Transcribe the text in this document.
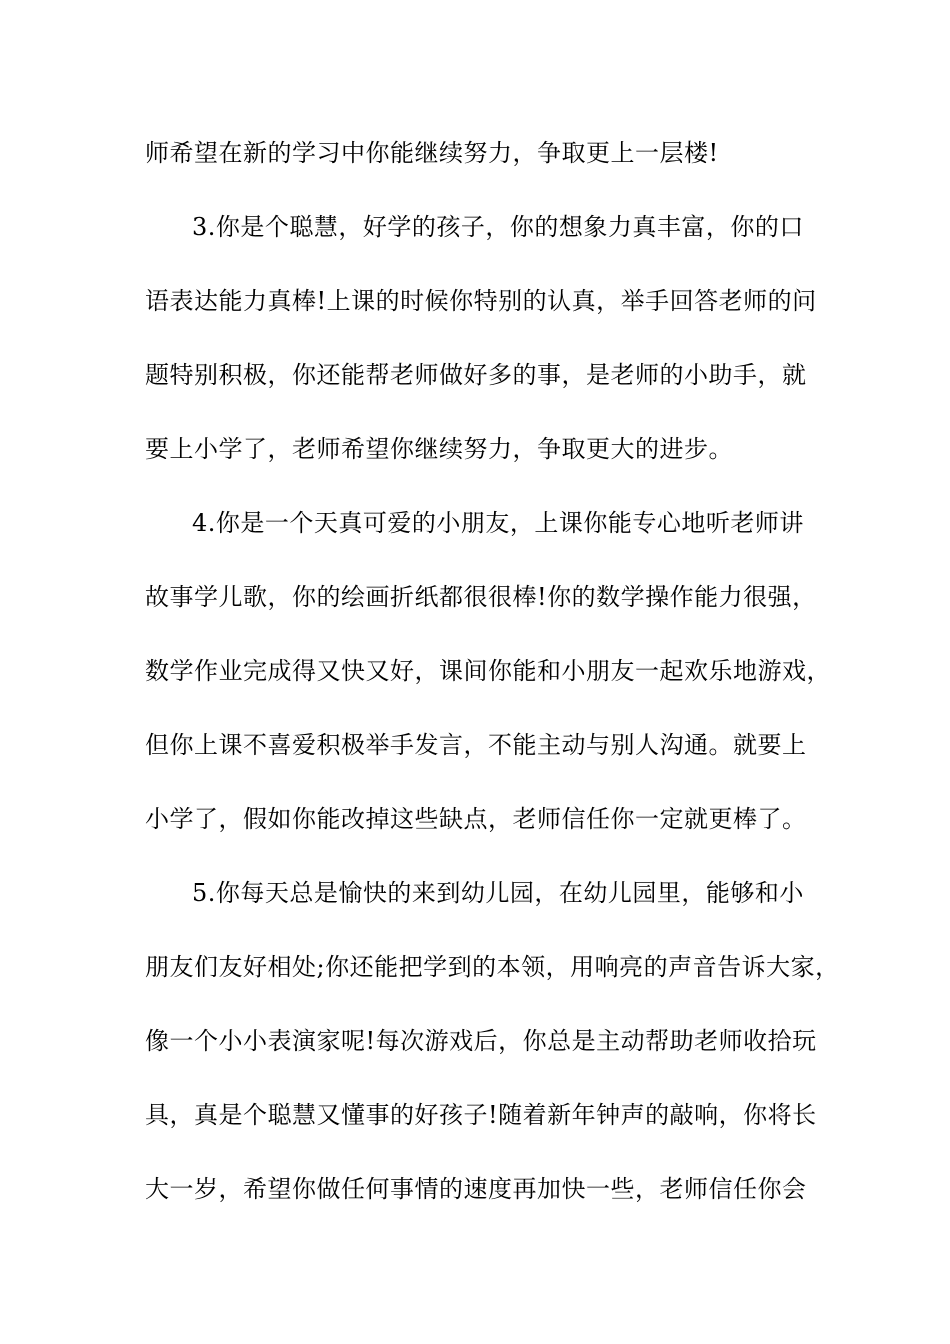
师希望在新的学习中你能继续努力，争取更上一层楼!
3.你是个聪慧，好学的孩子，你的想象力真丰富，你的口
语表达能力真棒!上课的时候你特别的认真，举手回答老师的问
题特别积极，你还能帮老师做好多的事，是老师的小助手，就
要上小学了，老师希望你继续努力，争取更大的进步。
4.你是一个天真可爱的小朋友，上课你能专心地听老师讲
故事学儿歌，你的绘画折纸都很很棒!你的数学操作能力很强，
数学作业完成得又快又好，课间你能和小朋友一起欢乐地游戏，
但你上课不喜爱积极举手发言，不能主动与别人沟通。就要上
小学了，假如你能改掉这些缺点，老师信任你一定就更棒了。
5.你每天总是愉快的来到幼儿园，在幼儿园里，能够和小
朋友们友好相处;你还能把学到的本领，用响亮的声音告诉大家，
像一个小小表演家呢!每次游戏后，你总是主动帮助老师收拾玩
具，真是个聪慧又懂事的好孩子!随着新年钟声的敲响，你将长
大一岁，希望你做任何事情的速度再加快一些，老师信任你会
